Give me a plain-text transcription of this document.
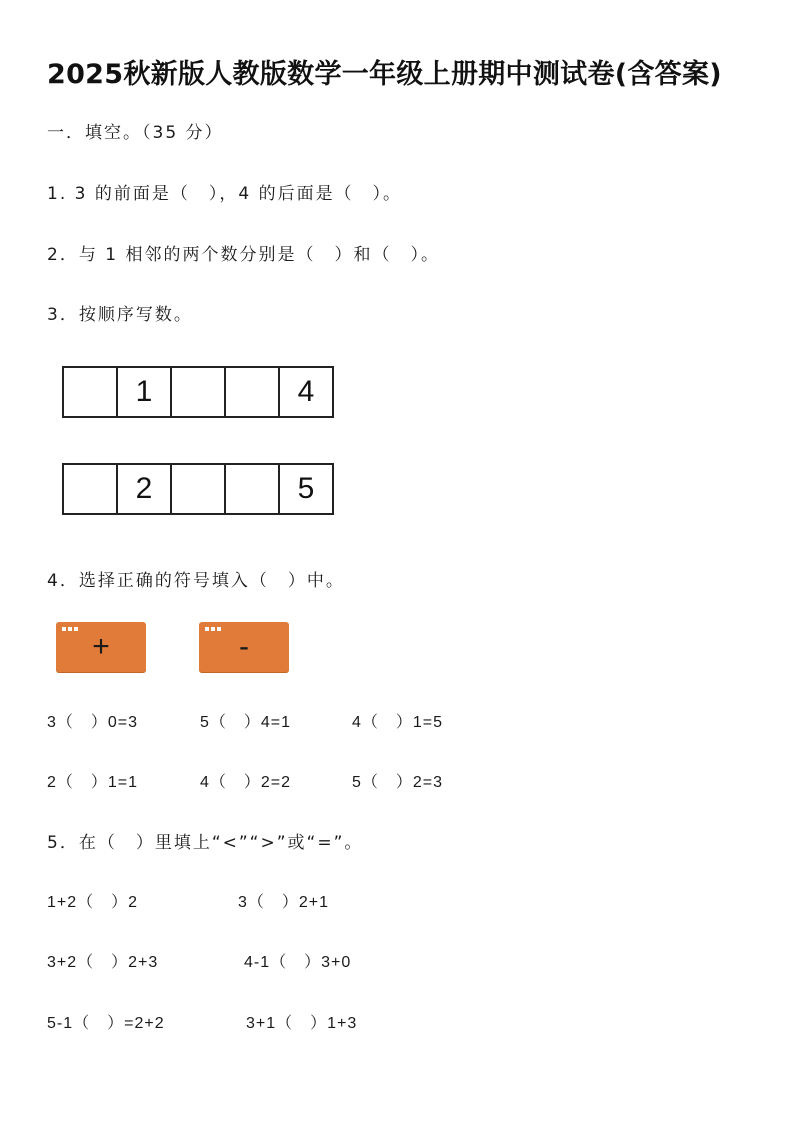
2025秋新版人教版数学一年级上册期中测试卷(含答案)
一．填空。（35 分）
1. 3 的前面是（　），4 的后面是（　）。
2．与 1 相邻的两个数分别是（　）和（　）。
3．按顺序写数。
1	4
2	5
4．选择正确的符号填入（　）中。
+	-
3（　）0=3	5（　）4=1	4（　）1=5
2（　）1=1	4（　）2=2	5（　）2=3
5．在（　）里填上“<”“>”或“=”。
1+2（　）2	3（　）2+1
3+2（　）2+3	4-1（　）3+0
5-1（　）=2+2	3+1（　）1+3
